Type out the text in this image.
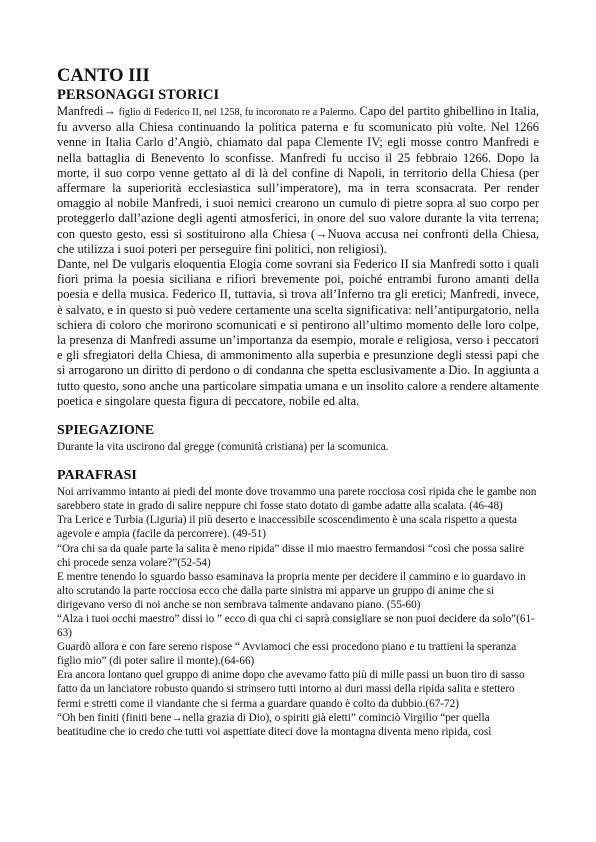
CANTO III
PERSONAGGI STORICI

Manfredi→ figlio di Federico II, nel 1258, fu incoronato re a Palermo. Capo del partito ghibellino in Italia, fu avverso alla Chiesa continuando la politica paterna e fu scomunicato più volte. Nel 1266 venne in Italia Carlo d’Angiò, chiamato dal papa Clemente IV; egli mosse contro Manfredi e nella battaglia di Benevento lo sconfisse. Manfredi fu ucciso il 25 febbraio 1266. Dopo la morte, il suo corpo venne gettato al di là del confine di Napoli, in territorio della Chiesa (per affermare la superiorità ecclesiastica sull’imperatore), ma in terra sconsacrata. Per render omaggio al nobile Manfredi, i suoi nemici crearono un cumulo di pietre sopra al suo corpo per proteggerlo dall’azione degli agenti atmosferici, in onore del suo valore durante la vita terrena; con questo gesto, essi si sostituirono alla Chiesa (→Nuova accusa nei confronti della Chiesa, che utilizza i suoi poteri per perseguire fini politici, non religiosi).

Dante, nel De vulgaris eloquentia Elogia come sovrani sia Federico II sia Manfredi sotto i quali fiorì prima la poesia siciliana e rifiorì brevemente poi, poiché entrambi furono amanti della poesia e della musica. Federico II, tuttavia, si trova all’Inferno tra gli eretici; Manfredi, invece, è salvato, e in questo si può vedere certamente una scelta significativa: nell’antipurgatorio, nella schiera di coloro che morirono scomunicati e si pentirono all’ultimo momento delle loro colpe, la presenza di Manfredi assume un’importanza da esempio, morale e religiosa, verso i peccatori e gli sfregiatori della Chiesa, di ammonimento alla superbia e presunzione degli stessi papi che si arrogarono un diritto di perdono o di condanna che spetta esclusivamente a Dio. In aggiunta a tutto questo, sono anche una particolare simpatia umana e un insolito calore a rendere altamente poetica e singolare questa figura di peccatore, nobile ed alta.

SPIEGAZIONE

Durante la vita uscirono dal gregge (comunità cristiana) per la scomunica.

PARAFRASI

Noi arrivammo intanto ai piedi del monte dove trovammo una parete rocciosa così ripida che le gambe non sarebbero state in grado di salire neppure chi fosse stato dotato di gambe adatte alla scalata. (46-48)

Tra Lerice e Turbia (Liguria) il più deserto e inaccessibile scoscendimento è una scala rispetto a questa agevole e ampia (facile da percorrere). (49-51)

“Ora chi sa da quale parte la salita è meno ripida” disse il mio maestro fermandosi “così che possa salire chi procede senza volare?”(52-54)

E mentre tenendo lo sguardo basso esaminava la propria mente per decidere il cammino e io guardavo in alto scrutando la parte rocciosa ecco che dalla parte sinistra mi apparve un gruppo di anime che si dirigevano verso di noi anche se non sembrava talmente andavano piano. (55-60)

“Alza i tuoi occhi maestro” dissi io ” ecco di qua chi ci saprà consigliare se non puoi decidere da solo”(61-63)

Guardò allora e con fare sereno rispose “ Avviamoci che essi procedono piano e tu trattieni la speranza figlio mio” (di poter salire il monte).(64-66)

Era ancora lontano quel gruppo di anime dopo che avevamo fatto più di mille passi un buon tiro di sasso fatto da un lanciatore robusto quando si strinsero tutti intorno ai duri massi della ripida salita e stettero fermi e stretti come il viandante che si ferma a guardare quando è colto da dubbio.(67-72)

“Oh ben finiti (finiti bene→nella grazia di Dio), o spiriti già eletti” cominciò Virgilio “per quella beatitudine che io credo che tutti voi aspettiate diteci dove la montagna diventa meno ripida, così
